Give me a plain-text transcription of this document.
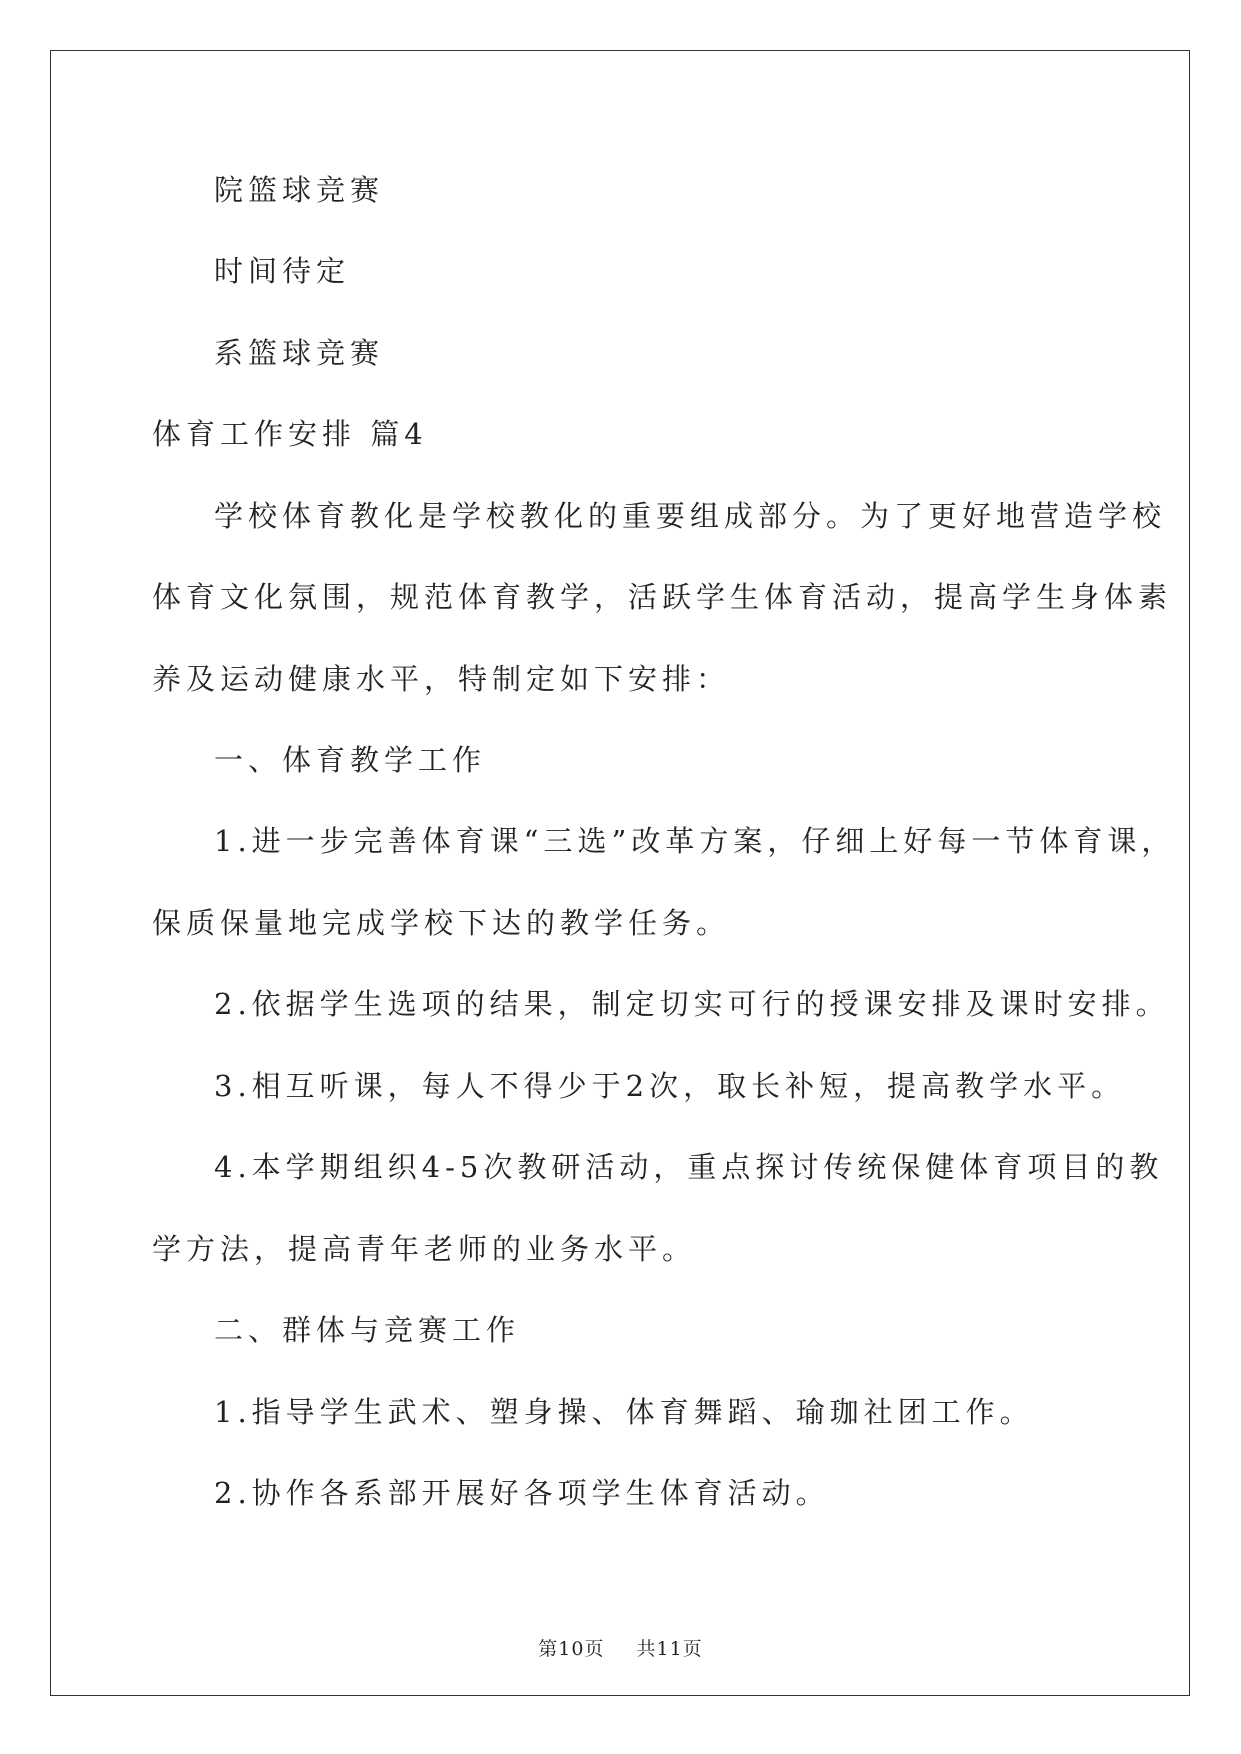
院篮球竞赛
时间待定
系篮球竞赛
体育工作安排 篇4
学校体育教化是学校教化的重要组成部分。为了更好地营造学校
体育文化氛围，规范体育教学，活跃学生体育活动，提高学生身体素
养及运动健康水平，特制定如下安排：
一、体育教学工作
1.进一步完善体育课“三选”改革方案，仔细上好每一节体育课，
保质保量地完成学校下达的教学任务。
2.依据学生选项的结果，制定切实可行的授课安排及课时安排。
3.相互听课，每人不得少于2次，取长补短，提高教学水平。
4.本学期组织4-5次教研活动，重点探讨传统保健体育项目的教
学方法，提高青年老师的业务水平。
二、群体与竞赛工作
1.指导学生武术、塑身操、体育舞蹈、瑜珈社团工作。
2.协作各系部开展好各项学生体育活动。
第10页 共11页
